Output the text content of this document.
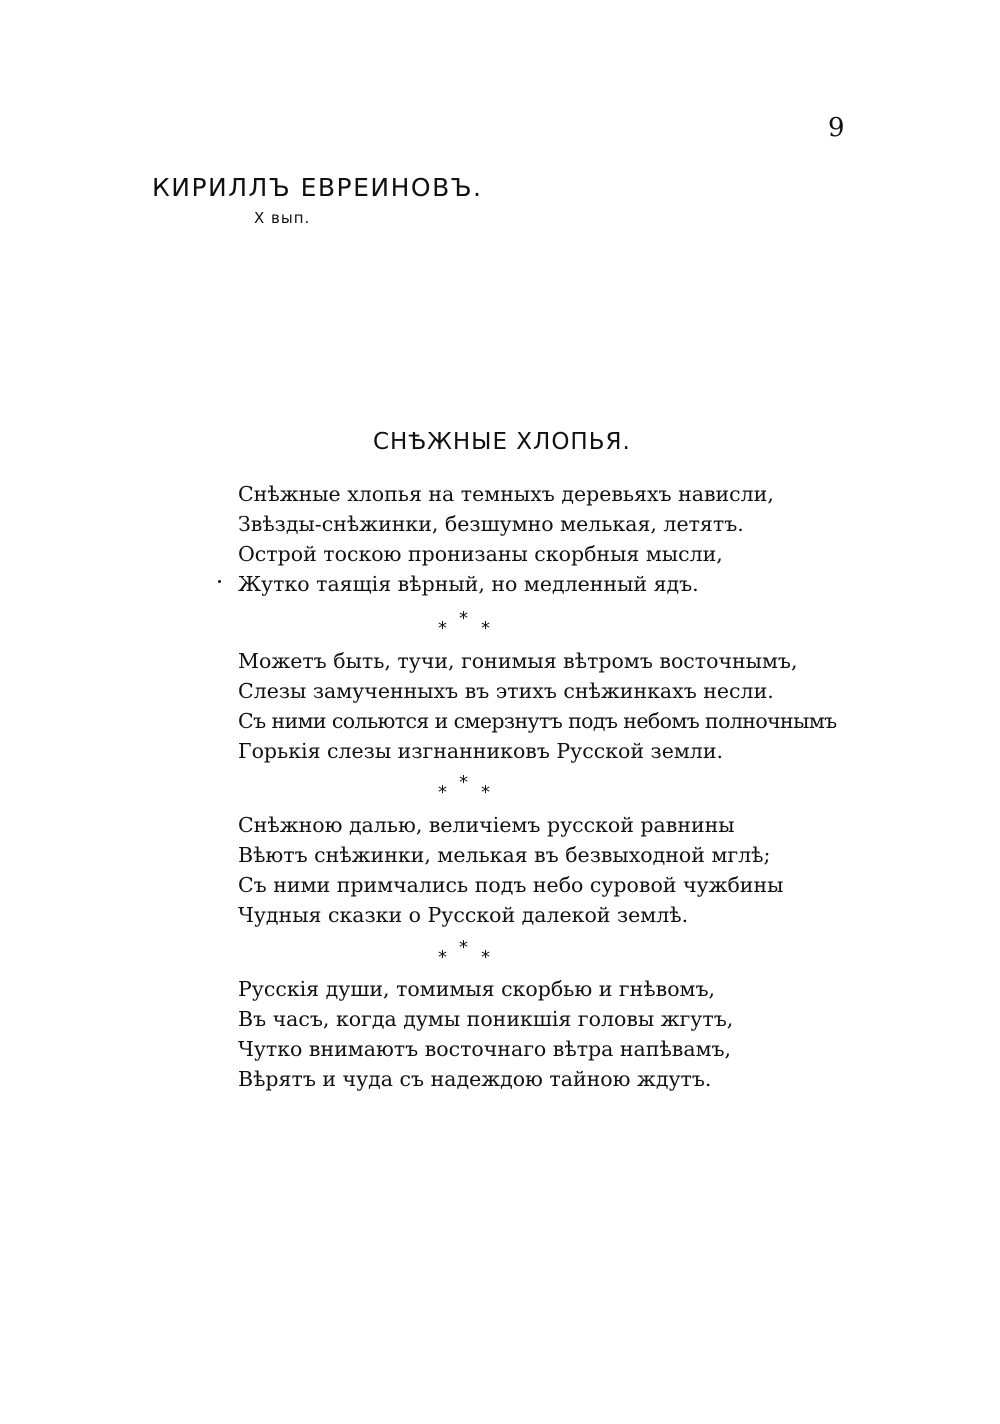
9
КИРИЛЛЪ ЕВРЕИНОВЪ.
X вып.
СНѢЖНЫЕ ХЛОПЬЯ.
Снѣжные хлопья на темныхъ деревьяхъ нависли,
Звѣзды-снѣжинки, безшумно мелькая, летятъ.
Острой тоскою пронизаны скорбныя мысли,
Жутко таящія вѣрный, но медленный ядъ.
*
* *
Можетъ быть, тучи, гонимыя вѣтромъ восточнымъ,
Слезы замученныхъ въ этихъ снѣжинкахъ несли.
Съ ними сольются и смерзнутъ подъ небомъ полночнымъ
Горькія слезы изгнанниковъ Русской земли.
*
* *
Снѣжною далью, величіемъ русской равнины
Вѣютъ снѣжинки, мелькая въ безвыходной мглѣ;
Съ ними примчались подъ небо суровой чужбины
Чудныя сказки о Русской далекой землѣ.
*
* *
Русскія души, томимыя скорбью и гнѣвомъ,
Въ часъ, когда думы поникшія головы жгутъ,
Чутко внимаютъ восточнаго вѣтра напѣвамъ,
Вѣрятъ и чуда съ надеждою тайною ждутъ.
